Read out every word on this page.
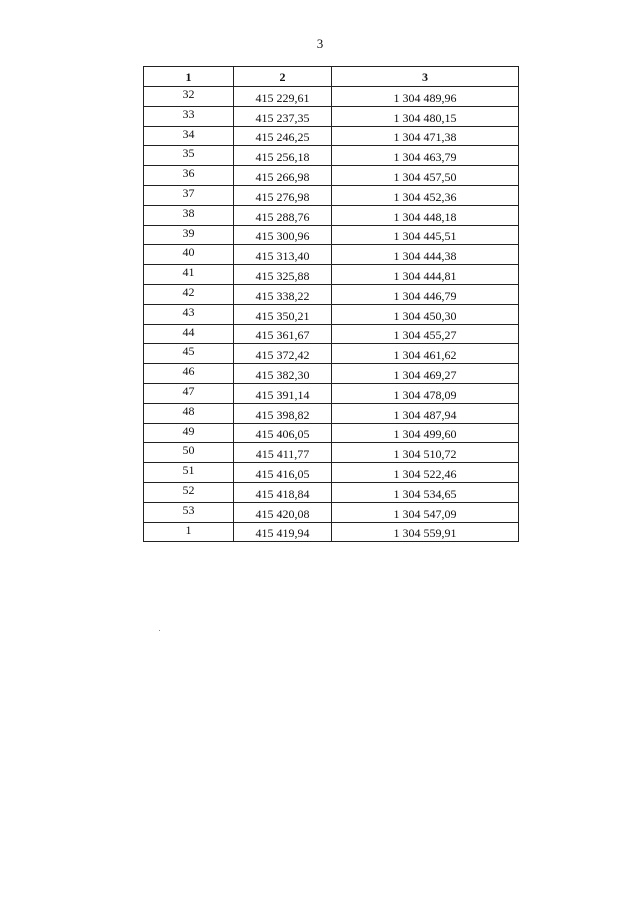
3
1	2	3
32	415 229,61	1 304 489,96
33	415 237,35	1 304 480,15
34	415 246,25	1 304 471,38
35	415 256,18	1 304 463,79
36	415 266,98	1 304 457,50
37	415 276,98	1 304 452,36
38	415 288,76	1 304 448,18
39	415 300,96	1 304 445,51
40	415 313,40	1 304 444,38
41	415 325,88	1 304 444,81
42	415 338,22	1 304 446,79
43	415 350,21	1 304 450,30
44	415 361,67	1 304 455,27
45	415 372,42	1 304 461,62
46	415 382,30	1 304 469,27
47	415 391,14	1 304 478,09
48	415 398,82	1 304 487,94
49	415 406,05	1 304 499,60
50	415 411,77	1 304 510,72
51	415 416,05	1 304 522,46
52	415 418,84	1 304 534,65
53	415 420,08	1 304 547,09
1	415 419,94	1 304 559,91
